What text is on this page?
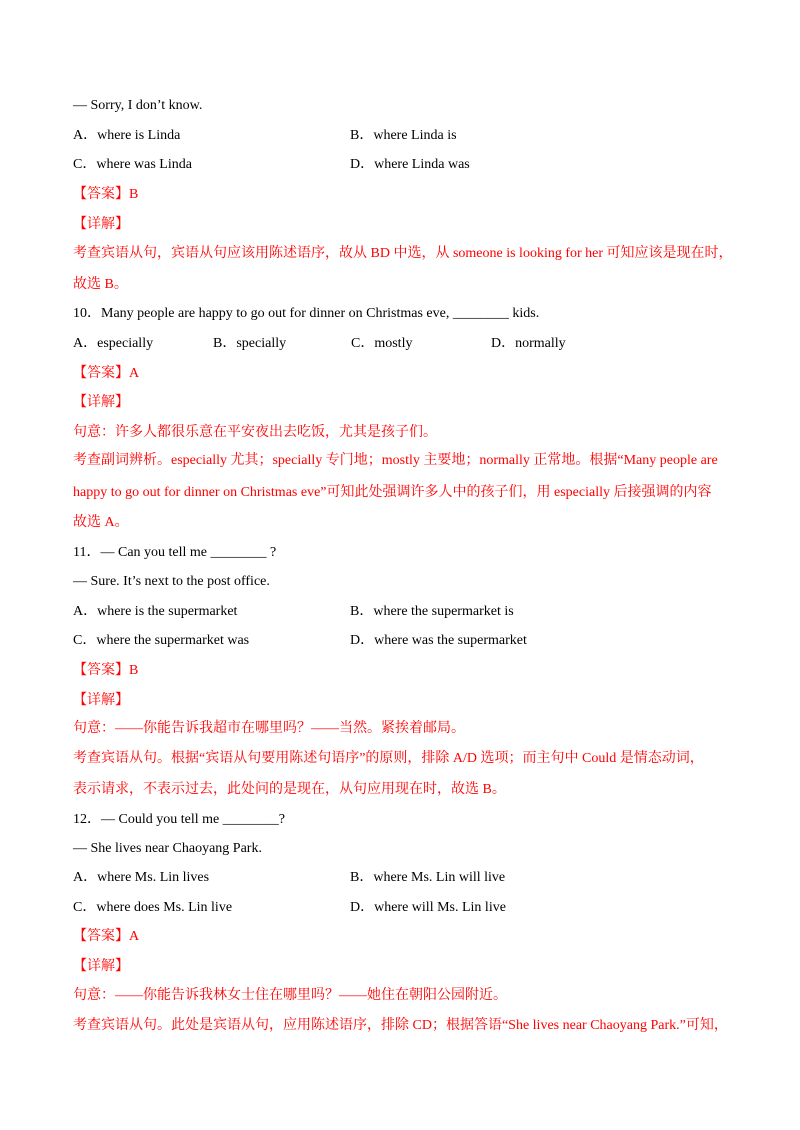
— Sorry, I don’t know.
A．where is Linda	B．where Linda is
C．where was Linda	D．where Linda was
【答案】B
【详解】
考查宾语从句，宾语从句应该用陈述语序，故从 BD 中选，从 someone is looking for her 可知应该是现在时，
故选 B。
10．Many people are happy to go out for dinner on Christmas eve, ________ kids.
A．especially	B．specially	C．mostly	D．normally
【答案】A
【详解】
句意：许多人都很乐意在平安夜出去吃饭，尤其是孩子们。
考查副词辨析。especially 尤其；specially 专门地；mostly 主要地；normally 正常地。根据“Many people are
happy to go out for dinner on Christmas eve”可知此处强调许多人中的孩子们，用 especially 后接强调的内容
故选 A。
11．— Can you tell me ________ ?
— Sure. It’s next to the post office.
A．where is the supermarket	B．where the supermarket is
C．where the supermarket was	D．where was the supermarket
【答案】B
【详解】
句意：——你能告诉我超市在哪里吗？——当然。紧挨着邮局。
考查宾语从句。根据“宾语从句要用陈述句语序”的原则，排除 A/D 选项；而主句中 Could 是情态动词，
表示请求，不表示过去，此处问的是现在，从句应用现在时，故选 B。
12．— Could you tell me ________?
— She lives near Chaoyang Park.
A．where Ms. Lin lives	B．where Ms. Lin will live
C．where does Ms. Lin live	D．where will Ms. Lin live
【答案】A
【详解】
句意：——你能告诉我林女士住在哪里吗？——她住在朝阳公园附近。
考查宾语从句。此处是宾语从句，应用陈述语序，排除 CD；根据答语“She lives near Chaoyang Park.”可知，
